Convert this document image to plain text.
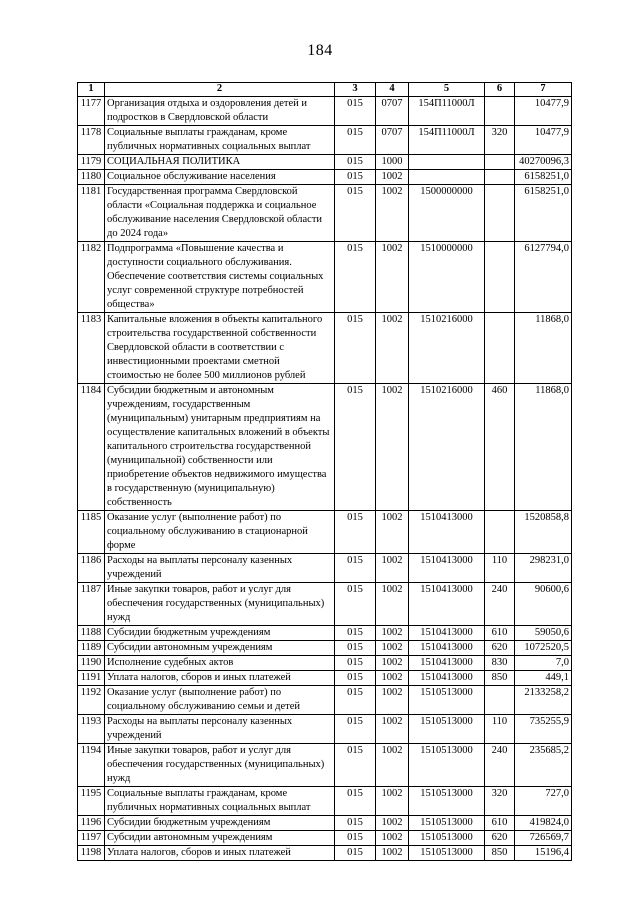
184
1	2	3	4	5	6	7
1177	Организация отдыха и оздоровления детей и подростков в Свердловской области	015	0707	154П11000Л		10477,9
1178	Социальные выплаты гражданам, кроме публичных нормативных социальных выплат	015	0707	154П11000Л	320	10477,9
1179	СОЦИАЛЬНАЯ ПОЛИТИКА	015	1000			40270096,3
1180	Социальное обслуживание населения	015	1002			6158251,0
1181	Государственная программа Свердловской области «Социальная поддержка и социальное обслуживание населения Свердловской области до 2024 года»	015	1002	1500000000		6158251,0
1182	Подпрограмма «Повышение качества и доступности социального обслуживания. Обеспечение соответствия системы социальных услуг современной структуре потребностей общества»	015	1002	1510000000		6127794,0
1183	Капитальные вложения в объекты капитального строительства государственной собственности Свердловской области в соответствии с инвестиционными проектами сметной стоимостью не более 500 миллионов рублей	015	1002	1510216000		11868,0
1184	Субсидии бюджетным и автономным учреждениям, государственным (муниципальным) унитарным предприятиям на осуществление капитальных вложений в объекты капитального строительства государственной (муниципальной) собственности или приобретение объектов недвижимого имущества в государственную (муниципальную) собственность	015	1002	1510216000	460	11868,0
1185	Оказание услуг (выполнение работ) по социальному обслуживанию в стационарной форме	015	1002	1510413000		1520858,8
1186	Расходы на выплаты персоналу казенных учреждений	015	1002	1510413000	110	298231,0
1187	Иные закупки товаров, работ и услуг для обеспечения государственных (муниципальных) нужд	015	1002	1510413000	240	90600,6
1188	Субсидии бюджетным учреждениям	015	1002	1510413000	610	59050,6
1189	Субсидии автономным учреждениям	015	1002	1510413000	620	1072520,5
1190	Исполнение судебных актов	015	1002	1510413000	830	7,0
1191	Уплата налогов, сборов и иных платежей	015	1002	1510413000	850	449,1
1192	Оказание услуг (выполнение работ) по социальному обслуживанию семьи и детей	015	1002	1510513000		2133258,2
1193	Расходы на выплаты персоналу казенных учреждений	015	1002	1510513000	110	735255,9
1194	Иные закупки товаров, работ и услуг для обеспечения государственных (муниципальных) нужд	015	1002	1510513000	240	235685,2
1195	Социальные выплаты гражданам, кроме публичных нормативных социальных выплат	015	1002	1510513000	320	727,0
1196	Субсидии бюджетным учреждениям	015	1002	1510513000	610	419824,0
1197	Субсидии автономным учреждениям	015	1002	1510513000	620	726569,7
1198	Уплата налогов, сборов и иных платежей	015	1002	1510513000	850	15196,4
